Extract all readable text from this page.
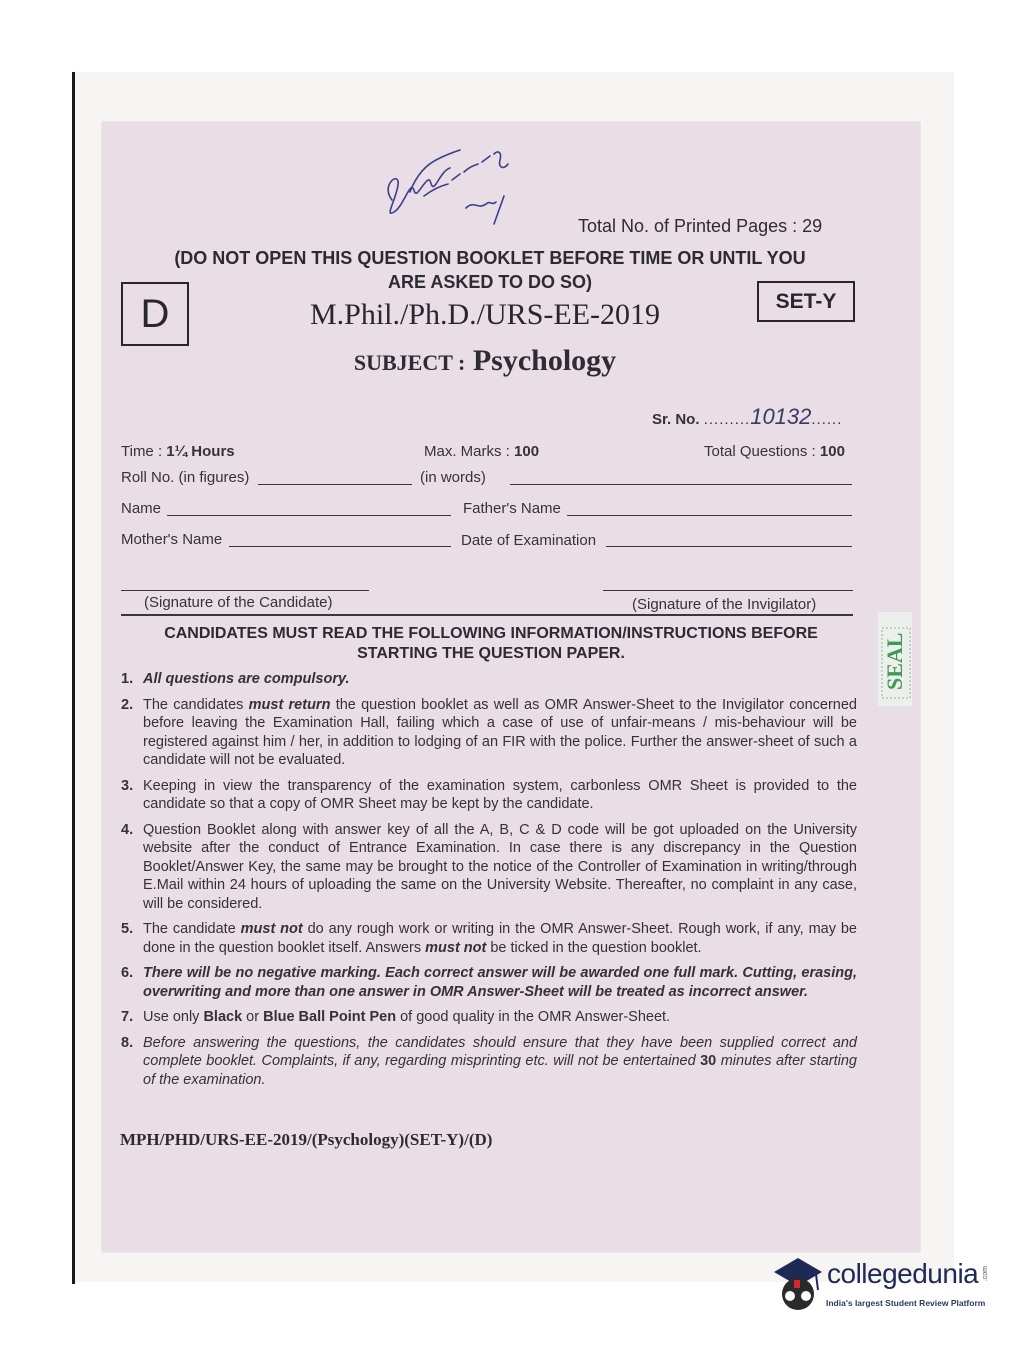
Total No. of Printed Pages : 29
(DO NOT OPEN THIS QUESTION BOOKLET BEFORE TIME OR UNTIL YOU
ARE ASKED TO DO SO)
D	SET-Y
M.Phil./Ph.D./URS-EE-2019
SUBJECT : Psychology
Sr. No. .........10132......
Time : 1¼ Hours	Max. Marks : 100	Total Questions : 100
Roll No. (in figures)	(in words)
Name	Father's Name
Mother's Name	Date of Examination
(Signature of the Candidate)	(Signature of the Invigilator)
CANDIDATES MUST READ THE FOLLOWING INFORMATION/INSTRUCTIONS BEFORE
STARTING THE QUESTION PAPER.
1. All questions are compulsory.
2. The candidates must return the question booklet as well as OMR Answer-Sheet to the Invigilator concerned before leaving the Examination Hall, failing which a case of use of unfair-means / mis-behaviour will be registered against him / her, in addition to lodging of an FIR with the police. Further the answer-sheet of such a candidate will not be evaluated.
3. Keeping in view the transparency of the examination system, carbonless OMR Sheet is provided to the candidate so that a copy of OMR Sheet may be kept by the candidate.
4. Question Booklet along with answer key of all the A, B, C & D code will be got uploaded on the University website after the conduct of Entrance Examination. In case there is any discrepancy in the Question Booklet/Answer Key, the same may be brought to the notice of the Controller of Examination in writing/through E.Mail within 24 hours of uploading the same on the University Website. Thereafter, no complaint in any case, will be considered.
5. The candidate must not do any rough work or writing in the OMR Answer-Sheet. Rough work, if any, may be done in the question booklet itself. Answers must not be ticked in the question booklet.
6. There will be no negative marking. Each correct answer will be awarded one full mark. Cutting, erasing, overwriting and more than one answer in OMR Answer-Sheet will be treated as incorrect answer.
7. Use only Black or Blue Ball Point Pen of good quality in the OMR Answer-Sheet.
8. Before answering the questions, the candidates should ensure that they have been supplied correct and complete booklet. Complaints, if any, regarding misprinting etc. will not be entertained 30 minutes after starting of the examination.
MPH/PHD/URS-EE-2019/(Psychology)(SET-Y)/(D)
SEAL
collegedunia
India's largest Student Review Platform
.com
